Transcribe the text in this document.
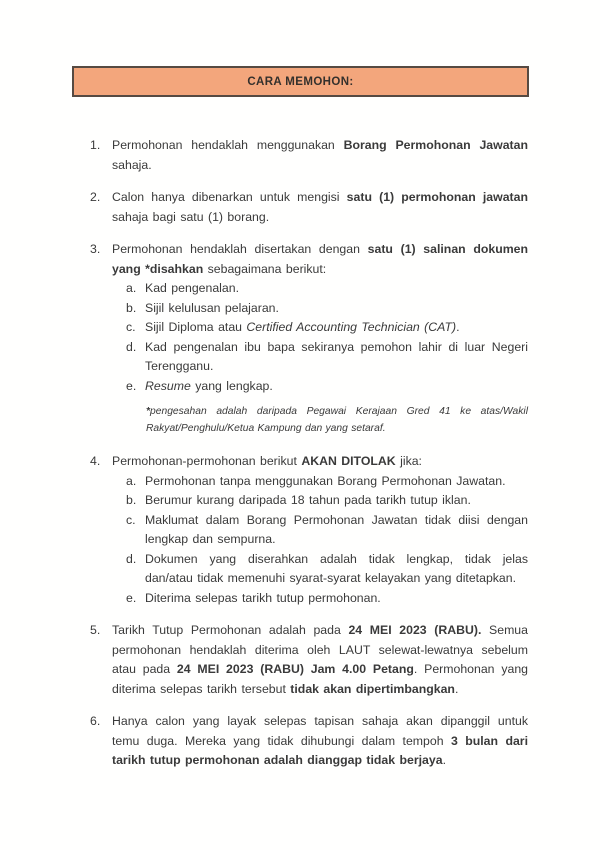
CARA MEMOHON:
1. Permohonan hendaklah menggunakan Borang Permohonan Jawatan sahaja.

2. Calon hanya dibenarkan untuk mengisi satu (1) permohonan jawatan sahaja bagi satu (1) borang.

3. Permohonan hendaklah disertakan dengan satu (1) salinan dokumen yang *disahkan sebagaimana berikut:

a. Kad pengenalan.

b. Sijil kelulusan pelajaran.

c. Sijil Diploma atau Certified Accounting Technician (CAT).

d. Kad pengenalan ibu bapa sekiranya pemohon lahir di luar Negeri Terengganu.

e. Resume yang lengkap.

*pengesahan adalah daripada Pegawai Kerajaan Gred 41 ke atas/Wakil Rakyat/Penghulu/Ketua Kampung dan yang setaraf.

4. Permohonan-permohonan berikut AKAN DITOLAK jika:

a. Permohonan tanpa menggunakan Borang Permohonan Jawatan.

b. Berumur kurang daripada 18 tahun pada tarikh tutup iklan.

c. Maklumat dalam Borang Permohonan Jawatan tidak diisi dengan lengkap dan sempurna.

d. Dokumen yang diserahkan adalah tidak lengkap, tidak jelas dan/atau tidak memenuhi syarat-syarat kelayakan yang ditetapkan.

e. Diterima selepas tarikh tutup permohonan.

5. Tarikh Tutup Permohonan adalah pada 24 MEI 2023 (RABU). Semua permohonan hendaklah diterima oleh LAUT selewat-lewatnya sebelum atau pada 24 MEI 2023 (RABU) Jam 4.00 Petang. Permohonan yang diterima selepas tarikh tersebut tidak akan dipertimbangkan.

6. Hanya calon yang layak selepas tapisan sahaja akan dipanggil untuk temu duga. Mereka yang tidak dihubungi dalam tempoh 3 bulan dari tarikh tutup permohonan adalah dianggap tidak berjaya.
